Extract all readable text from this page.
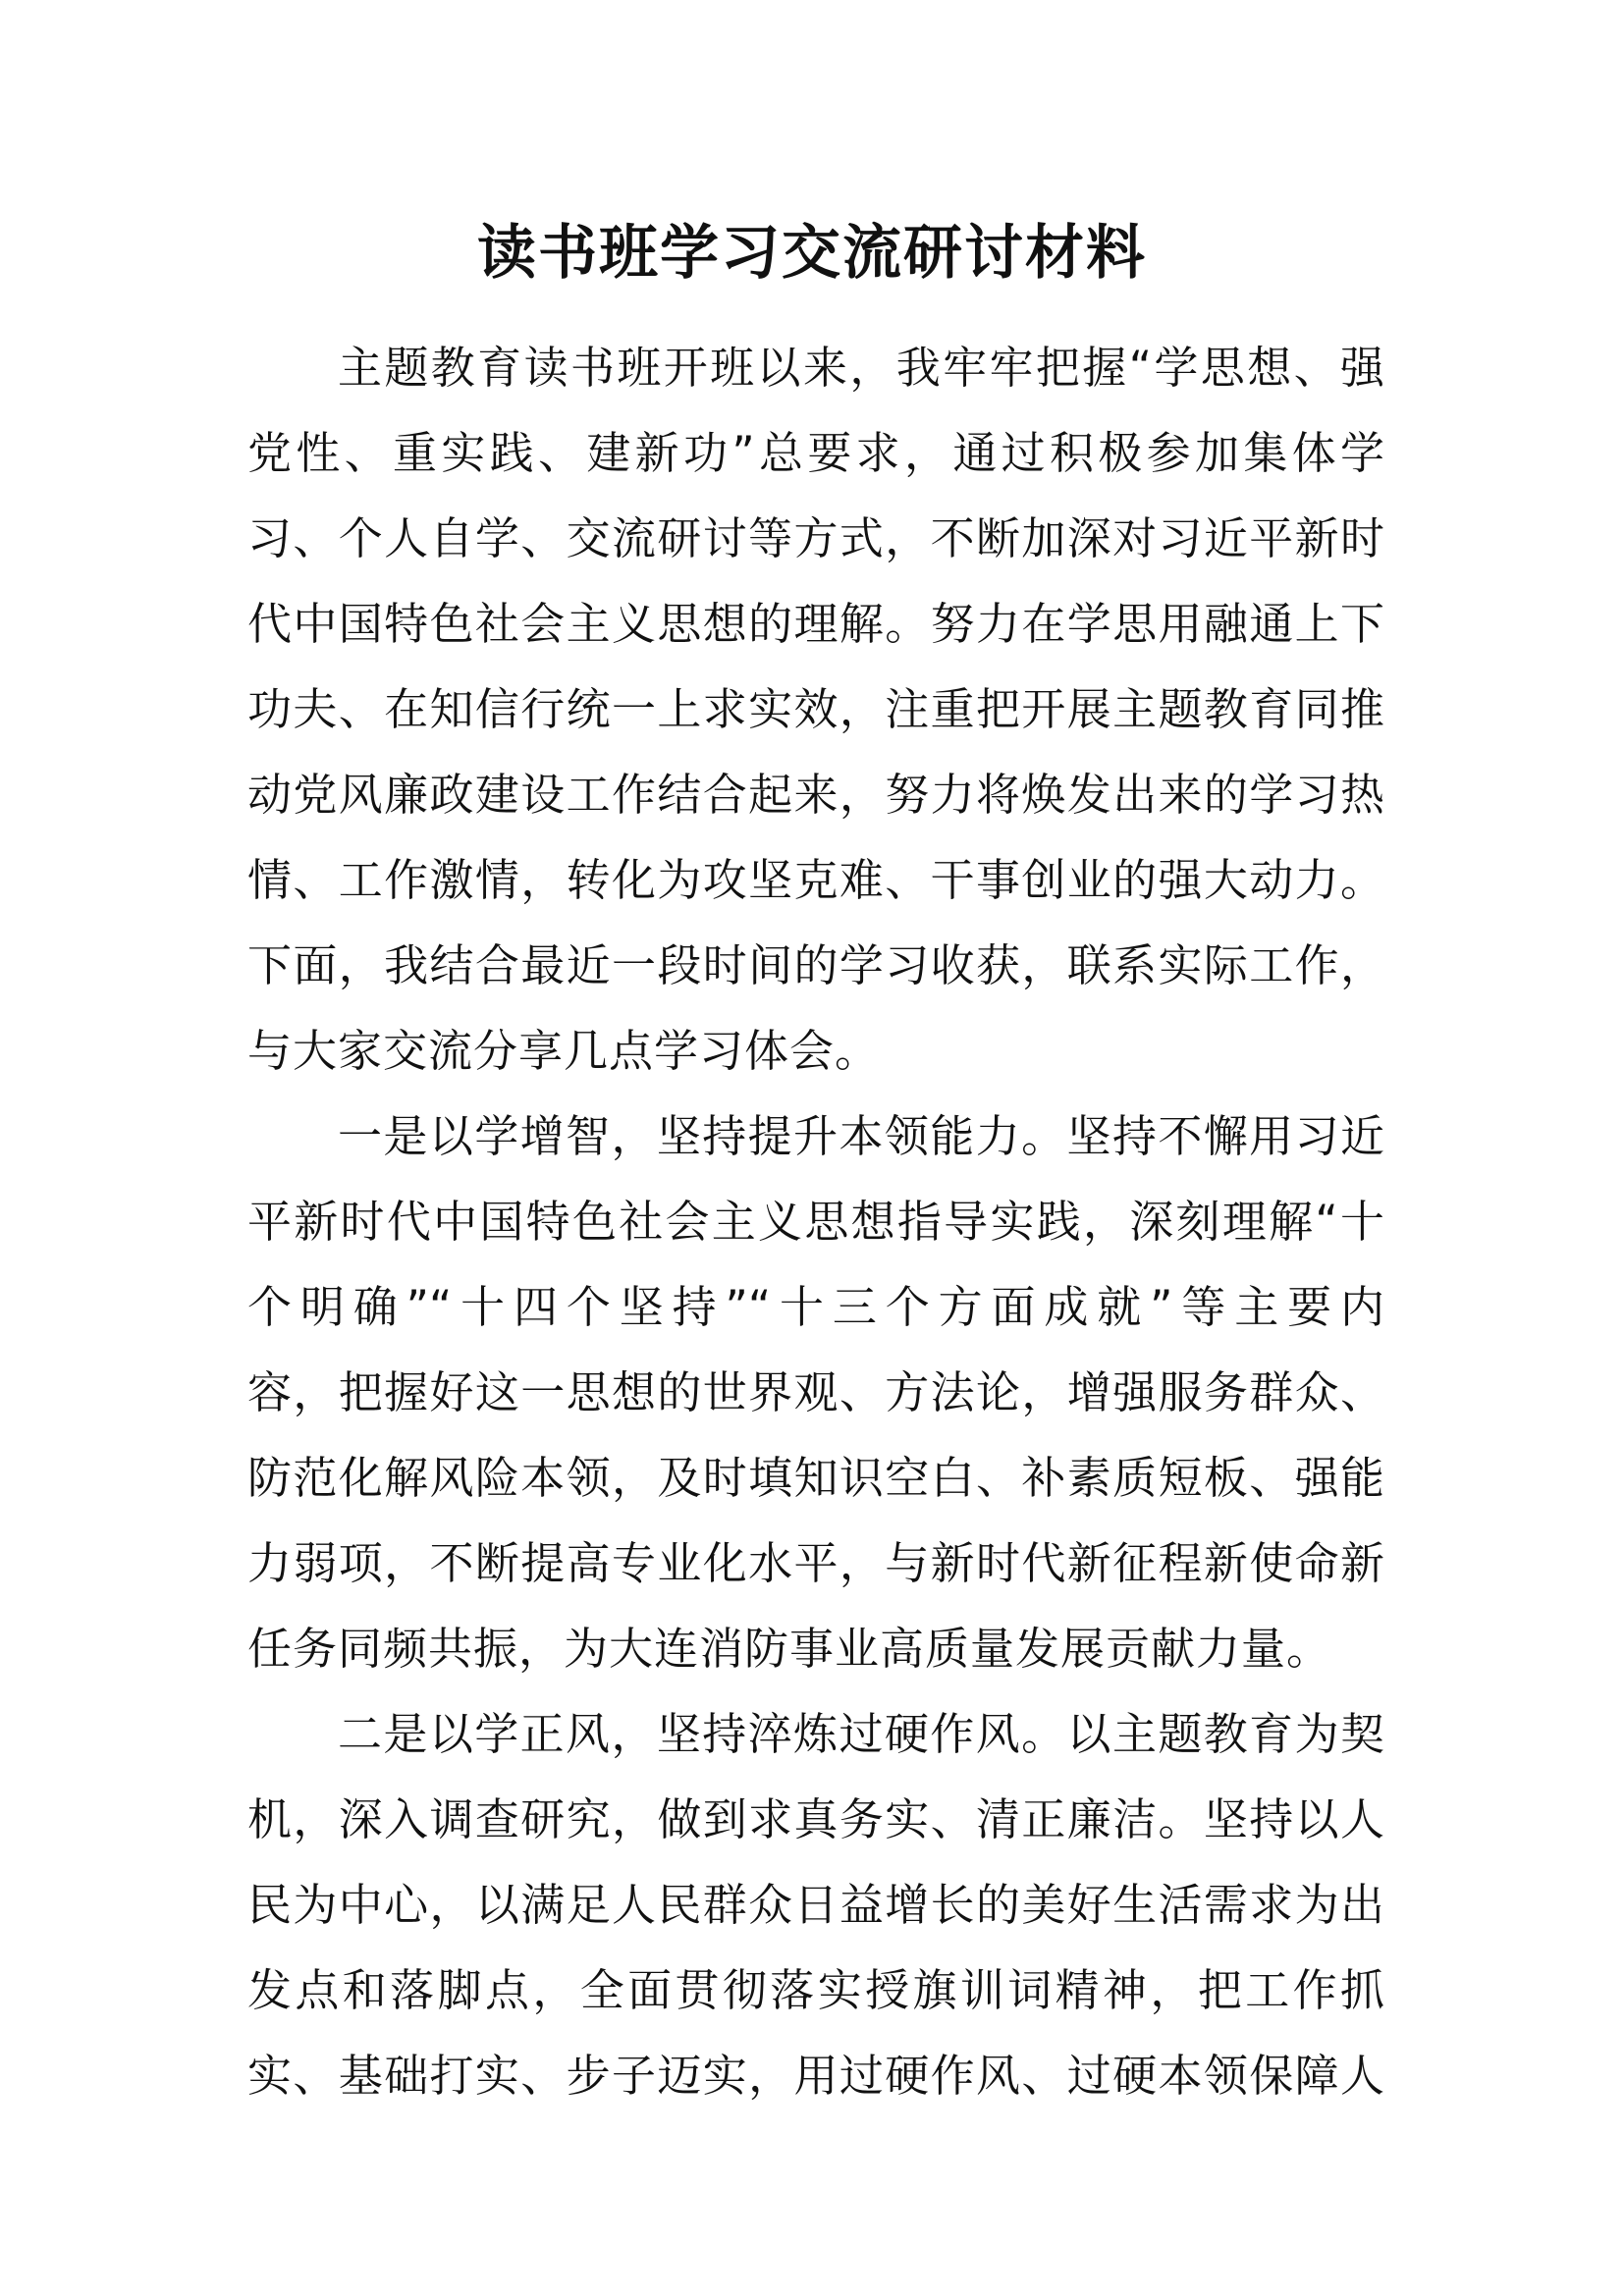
读书班学习交流研讨材料
主题教育读书班开班以来，我牢牢把握“学思想、强
党性、重实践、建新功”总要求，通过积极参加集体学
习、个人自学、交流研讨等方式，不断加深对习近平新时
代中国特色社会主义思想的理解。努力在学思用融通上下
功夫、在知信行统一上求实效，注重把开展主题教育同推
动党风廉政建设工作结合起来，努力将焕发出来的学习热
情、工作激情，转化为攻坚克难、干事创业的强大动力。
下面，我结合最近一段时间的学习收获，联系实际工作，
与大家交流分享几点学习体会。
一是以学增智，坚持提升本领能力。坚持不懈用习近
平新时代中国特色社会主义思想指导实践，深刻理解“十
个明确”“十四个坚持”“十三个方面成就”等主要内
容，把握好这一思想的世界观、方法论，增强服务群众、
防范化解风险本领，及时填知识空白、补素质短板、强能
力弱项，不断提高专业化水平，与新时代新征程新使命新
任务同频共振，为大连消防事业高质量发展贡献力量。
二是以学正风，坚持淬炼过硬作风。以主题教育为契
机，深入调查研究，做到求真务实、清正廉洁。坚持以人
民为中心，以满足人民群众日益增长的美好生活需求为出
发点和落脚点，全面贯彻落实授旗训词精神，把工作抓
实、基础打实、步子迈实，用过硬作风、过硬本领保障人
